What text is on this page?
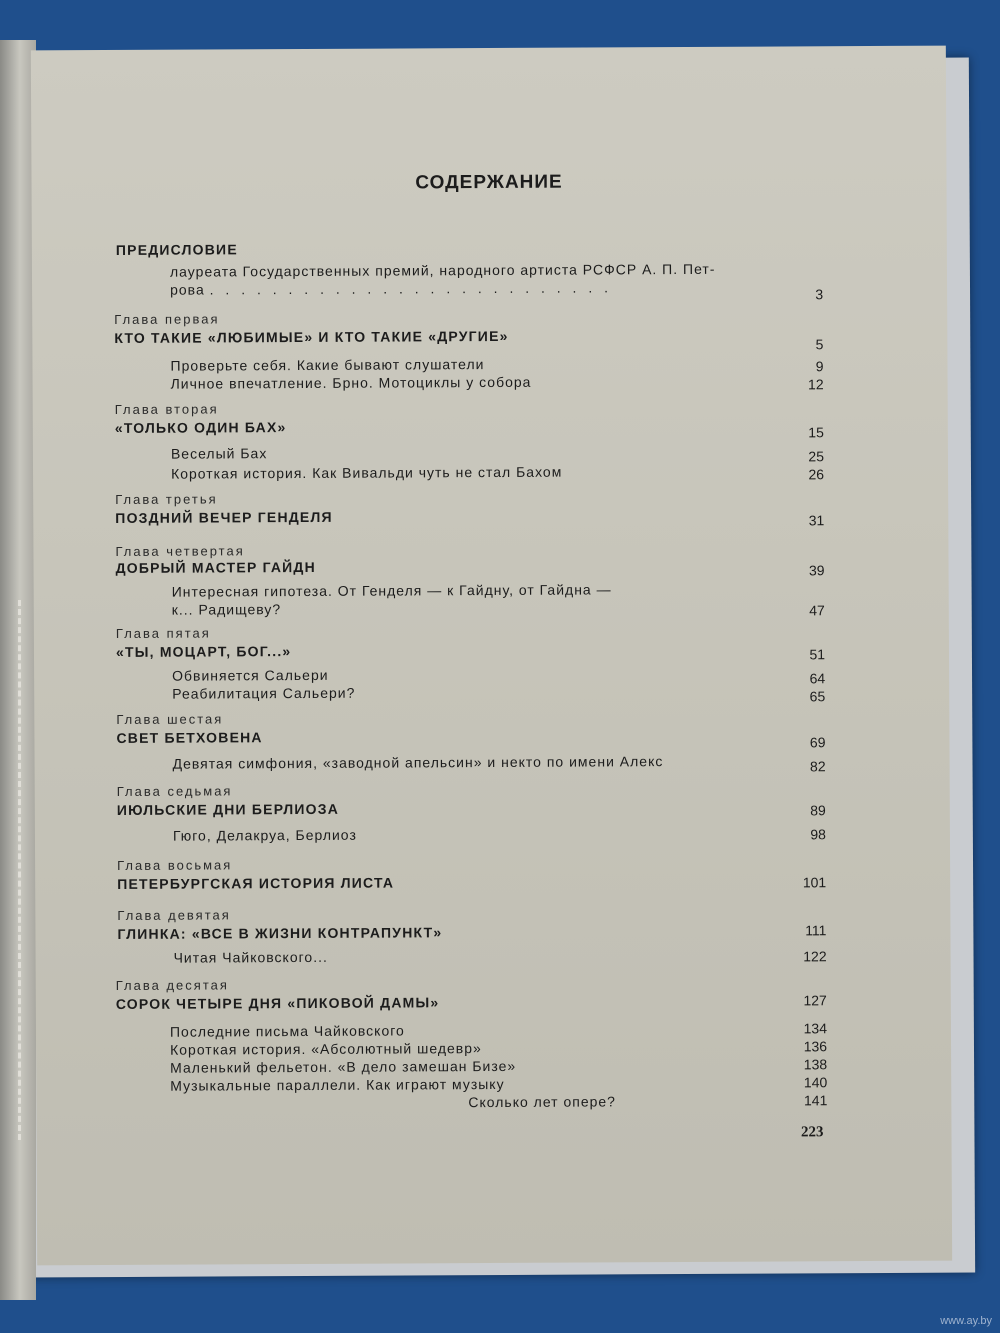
СОДЕРЖАНИЕ
ПРЕДИСЛОВИЕ
лауреата Государственных премий, народного артиста РСФСР А. П. Пет-
рова . . . . . . . . . . . . . . . . . . . . . . . . . .	3
Глава первая
КТО ТАКИЕ «ЛЮБИМЫЕ» И КТО ТАКИЕ «ДРУГИЕ»	5
Проверьте себя. Какие бывают слушатели	9
Личное впечатление. Брно. Мотоциклы у собора	12
Глава вторая
«ТОЛЬКО ОДИН БАХ»	15
Веселый Бах	25
Короткая история. Как Вивальди чуть не стал Бахом	26
Глава третья
ПОЗДНИЙ ВЕЧЕР ГЕНДЕЛЯ	31
Глава четвертая
ДОБРЫЙ МАСТЕР ГАЙДН	39
Интересная гипотеза. От Генделя — к Гайдну, от Гайдна —
к... Радищеву?	47
Глава пятая
«ТЫ, МОЦАРТ, БОГ...»	51
Обвиняется Сальери	64
Реабилитация Сальери?	65
Глава шестая
СВЕТ БЕТХОВЕНА	69
Девятая симфония, «заводной апельсин» и некто по имени Алекс	82
Глава седьмая
ИЮЛЬСКИЕ ДНИ БЕРЛИОЗА	89
Гюго, Делакруа, Берлиоз	98
Глава восьмая
ПЕТЕРБУРГСКАЯ ИСТОРИЯ ЛИСТА	101
Глава девятая
ГЛИНКА: «ВСЕ В ЖИЗНИ КОНТРАПУНКТ»	111
Читая Чайковского...	122
Глава десятая
СОРОК ЧЕТЫРЕ ДНЯ «ПИКОВОЙ ДАМЫ»	127
Последние письма Чайковского	134
Короткая история. «Абсолютный шедевр»	136
Маленький фельетон. «В дело замешан Бизе»	138
Музыкальные параллели. Как играют музыку	140
Сколько лет опере?	141
223
www.ay.by
